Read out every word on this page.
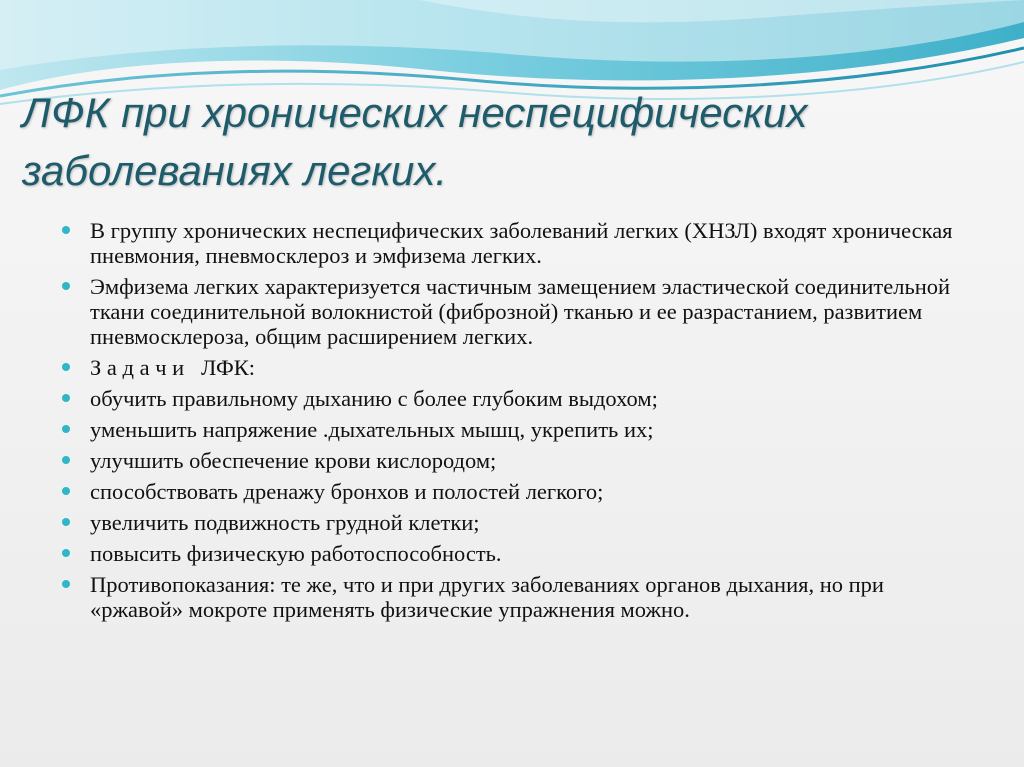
ЛФК при хронических неспецифических заболеваниях легких.
В группу хронических неспецифических заболеваний легких (ХНЗЛ) входят хроническая пневмония, пневмосклероз и эмфизема легких.
Эмфизема легких характеризуется частичным замещением эластической соединительной ткани соединительной волокнистой (фиброзной) тканью и ее разрастанием, развитием пневмосклероза, общим расширением легких.
З а д а ч и   ЛФК:
обучить правильному дыханию с более глубоким выдохом;
уменьшить напряжение .дыхательных мышц, укрепить их;
улучшить обеспечение крови кислородом;
способствовать дренажу бронхов и полостей легкого;
увеличить подвижность грудной клетки;
повысить физическую работоспособность.
Противопоказания: те же, что и при других заболеваниях органов дыхания, но при «ржавой» мокроте применять физические упражнения можно.
